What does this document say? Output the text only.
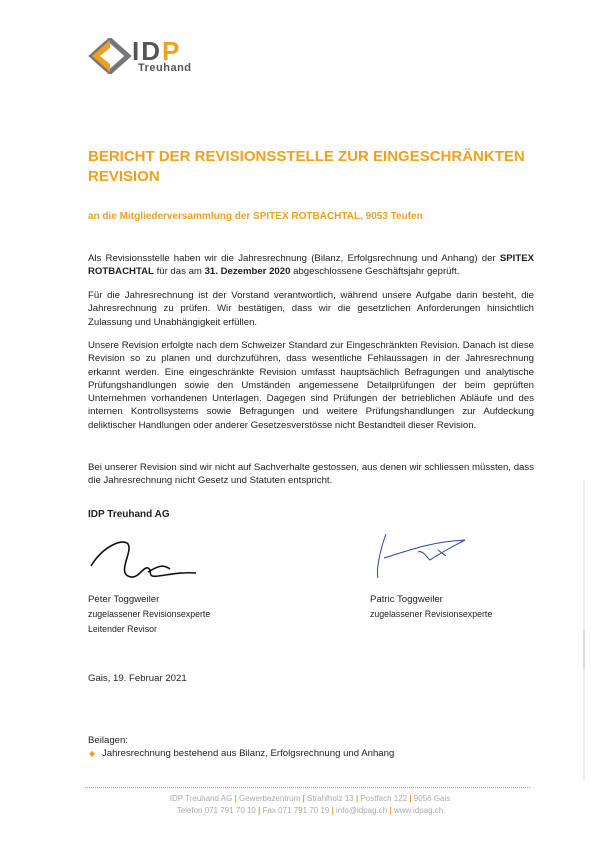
IDP
Treuhand
BERICHT DER REVISIONSSTELLE ZUR EINGESCHRÄNKTEN REVISION
an die Mitgliederversammlung der SPITEX ROTBACHTAL, 9053 Teufen
Als Revisionsstelle haben wir die Jahresrechnung (Bilanz, Erfolgsrechnung und Anhang) der SPITEX ROTBACHTAL für das am 31. Dezember 2020 abgeschlossene Geschäftsjahr geprüft.
Für die Jahresrechnung ist der Vorstand verantwortlich, während unsere Aufgabe darin besteht, die Jahresrechnung zu prüfen. Wir bestätigen, dass wir die gesetzlichen Anforderungen hinsichtlich Zulassung und Unabhängigkeit erfüllen.
Unsere Revision erfolgte nach dem Schweizer Standard zur Eingeschränkten Revision. Danach ist diese Revision so zu planen und durchzuführen, dass wesentliche Fehlaussagen in der Jahresrechnung erkannt werden. Eine eingeschränkte Revision umfasst hauptsächlich Befragungen und analytische Prüfungshandlungen sowie den Umständen angemessene Detailprüfungen der beim geprüften Unternehmen vorhandenen Unterlagen. Dagegen sind Prüfungen der betrieblichen Abläufe und des internen Kontrollsystems sowie Befragungen und weitere Prüfungshandlungen zur Aufdeckung deliktischer Handlungen oder anderer Gesetzesverstösse nicht Bestandteil dieser Revision.
Bei unserer Revision sind wir nicht auf Sachverhalte gestossen, aus denen wir schliessen müssten, dass die Jahresrechnung nicht Gesetz und Statuten entspricht.
IDP Treuhand AG
Peter Toggweiler
zugelassener Revisionsexperte
Leitender Revisor
Patric Toggweiler
zugelassener Revisionsexperte
Gais, 19. Februar 2021
Beilagen:
◆ Jahresrechnung bestehend aus Bilanz, Erfolgsrechnung und Anhang
IDP Treuhand AG | Gewerbezentrum | Strahlholz 13 | Postfach 122 | 9056 Gais
Telefon 071 791 70 10 | Fax 071 791 70 19 | info@idpag.ch | www.idpag.ch
